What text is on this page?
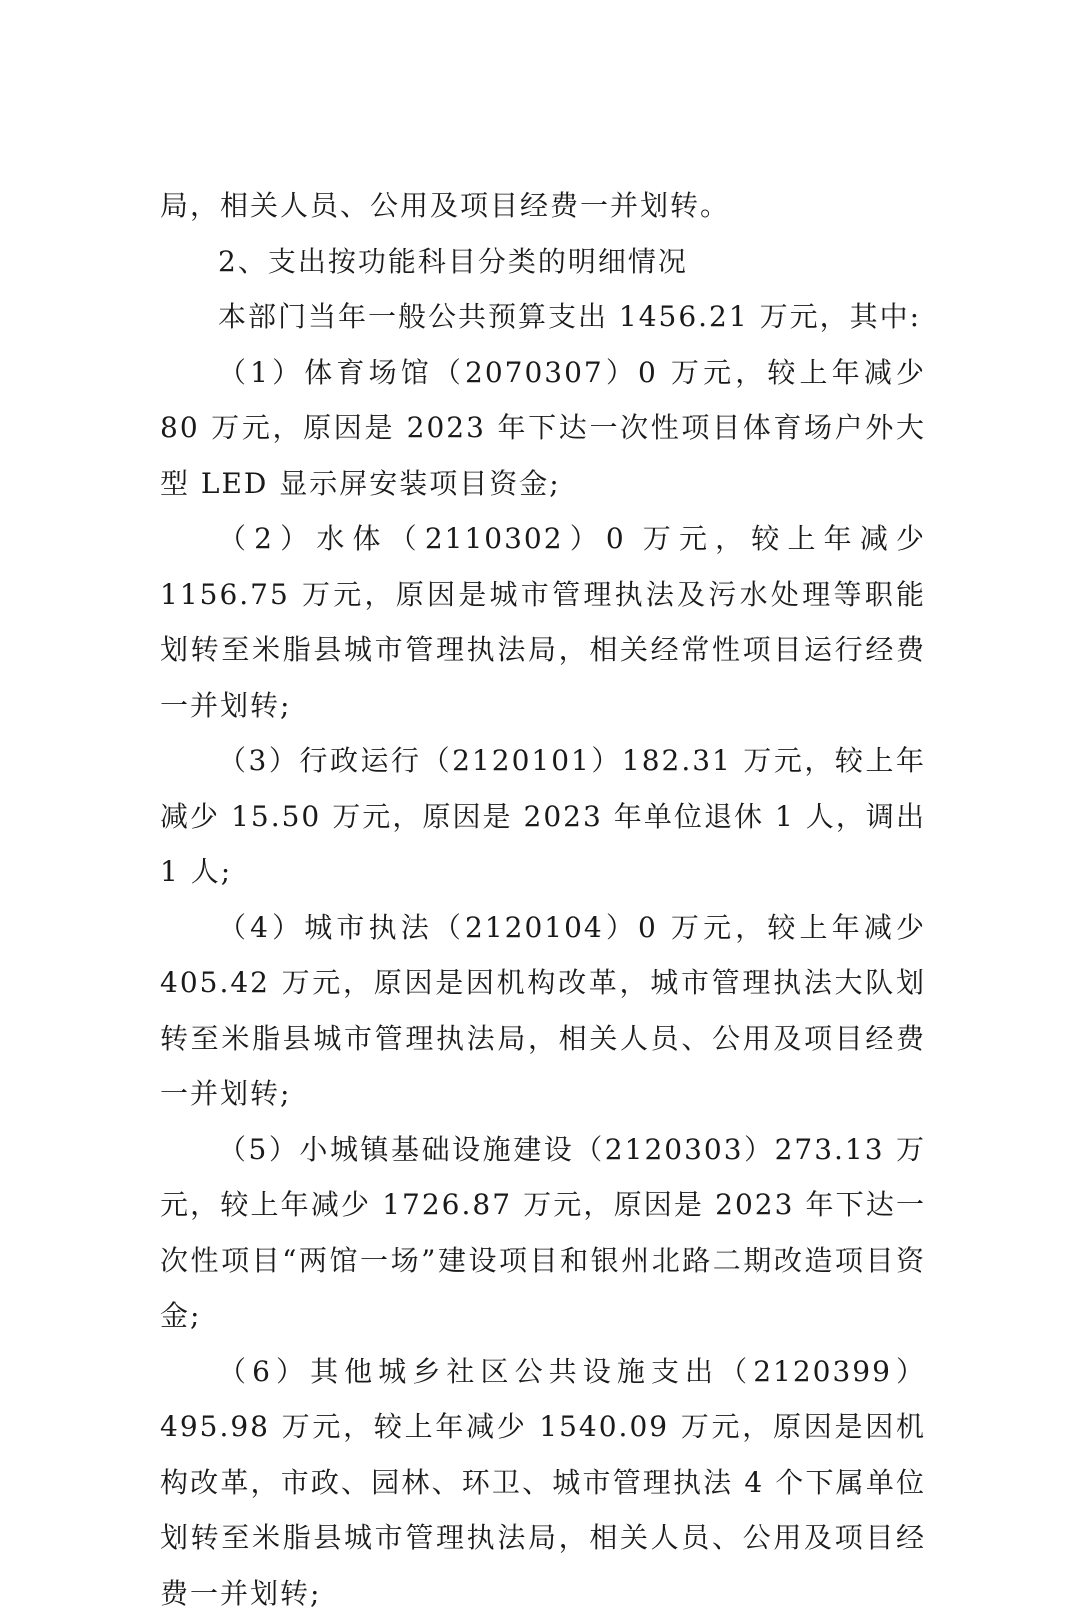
局，相关人员、公用及项目经费一并划转。

2、支出按功能科目分类的明细情况

本部门当年一般公共预算支出 1456.21 万元，其中:

（1）体育场馆（2070307）0 万元，较上年减少 80 万元，原因是 2023 年下达一次性项目体育场户外大型 LED 显示屏安装项目资金;

（2）水体（2110302）0 万元，较上年减少 1156.75 万元，原因是城市管理执法及污水处理等职能划转至米脂县城市管理执法局，相关经常性项目运行经费一并划转;

（3）行政运行（2120101）182.31 万元，较上年减少 15.50 万元，原因是 2023 年单位退休 1 人，调出 1 人;

（4）城市执法（2120104）0 万元，较上年减少 405.42 万元，原因是因机构改革，城市管理执法大队划转至米脂县城市管理执法局，相关人员、公用及项目经费一并划转;

（5）小城镇基础设施建设（2120303）273.13 万元，较上年减少 1726.87 万元，原因是 2023 年下达一次性项目“两馆一场”建设项目和银州北路二期改造项目资金;

（6）其他城乡社区公共设施支出（2120399）495.98 万元，较上年减少 1540.09 万元，原因是因机构改革，市政、园林、环卫、城市管理执法 4 个下属单位划转至米脂县城市管理执法局，相关人员、公用及项目经费一并划转;
